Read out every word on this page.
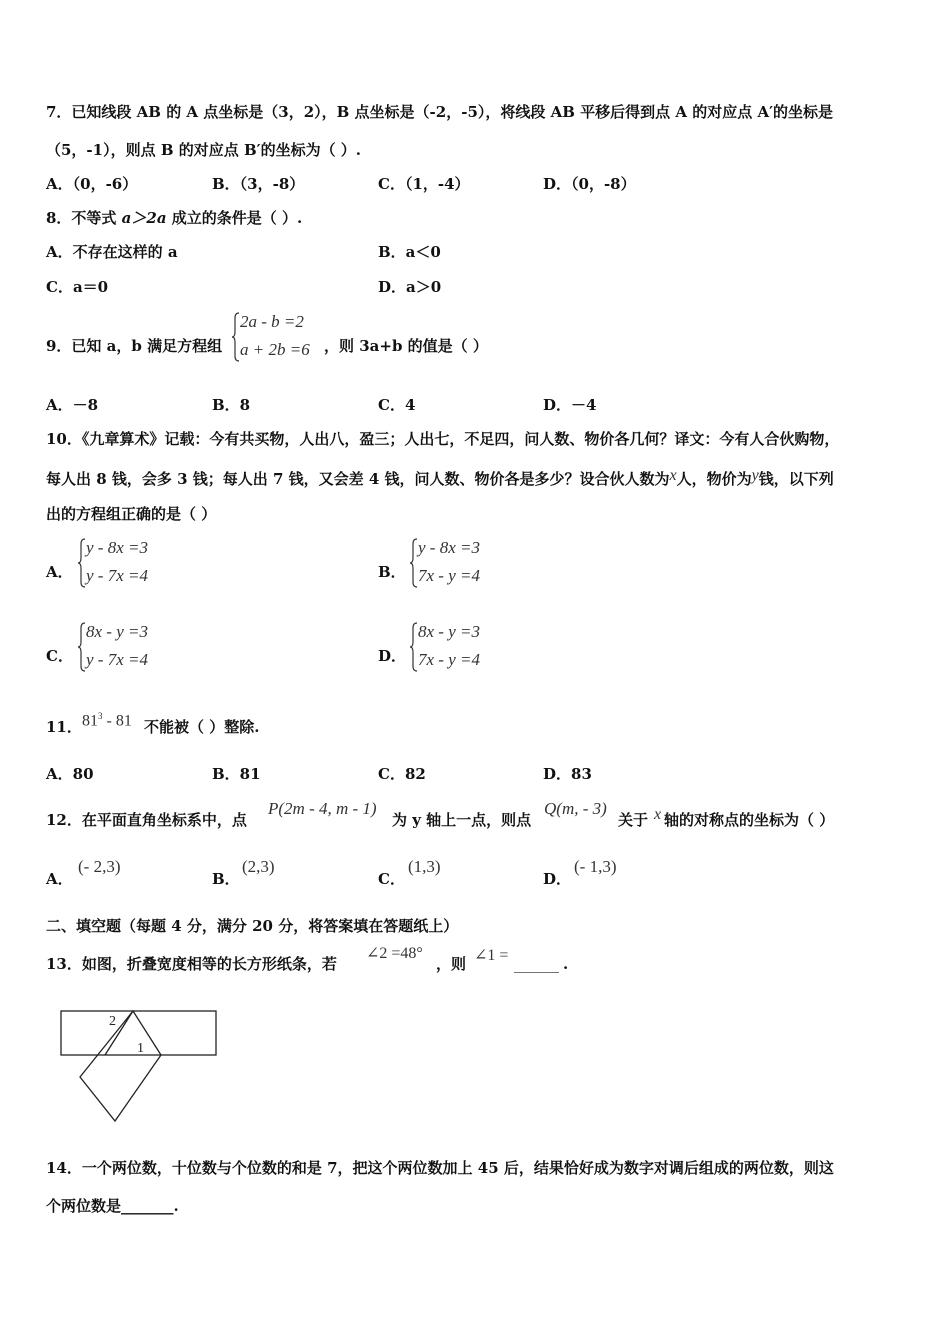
7．已知线段 AB 的 A 点坐标是（3，2），B 点坐标是（-2，-5），将线段 AB 平移后得到点 A 的对应点 A′的坐标是
（5，-1），则点 B 的对应点 B′的坐标为（ ）.
A．（0，-6）	B．（3，-8）	C．（1，-4）	D．（0，-8）
8．不等式 a＞2a 成立的条件是（ ）.
A．不存在这样的 a	B．a＜0
C．a＝0	D．a＞0
9．已知 a，b 满足方程组
2a - b =2
a + 2b =6 ，则 3a+b 的值是（ ）
A．－8	B．8	C．4	D．－4
10．《九章算术》记载：今有共买物，人出八，盈三；人出七，不足四，问人数、物价各几何？译文：今有人合伙购物，
每人出 8 钱，会多 3 钱；每人出 7 钱，又会差 4 钱，问人数、物价各是多少？设合伙人数为x人，物价为y钱，以下列
出的方程组正确的是（ ）
A．
y - 8x =3
y - 7x =4	B．
y - 8x =3
7x - y =4
C．
8x - y =3
y - 7x =4	D．
8x - y =3
7x - y =4
11． $81^3 - 81$ 不能被（ ）整除.
A．80	B．81	C．82	D．83
12．在平面直角坐标系中，点
P(2m - 4, m - 1)
为 y 轴上一点，则点
Q(m, - 3)
关于 x 轴的对称点的坐标为（ ）
A．
(- 2,3)
B．
(2,3)
C．
(1,3)
D．
(- 1,3)
二、填空题（每题 4 分，满分 20 分，将答案填在答题纸上）
13．如图，折叠宽度相等的长方形纸条，若
∠2 =48°
，则 ∠1 = ______ .
2
1
14．一个两位数，十位数与个位数的和是 7，把这个两位数加上 45 后，结果恰好成为数字对调后组成的两位数，则这
个两位数是_______.
